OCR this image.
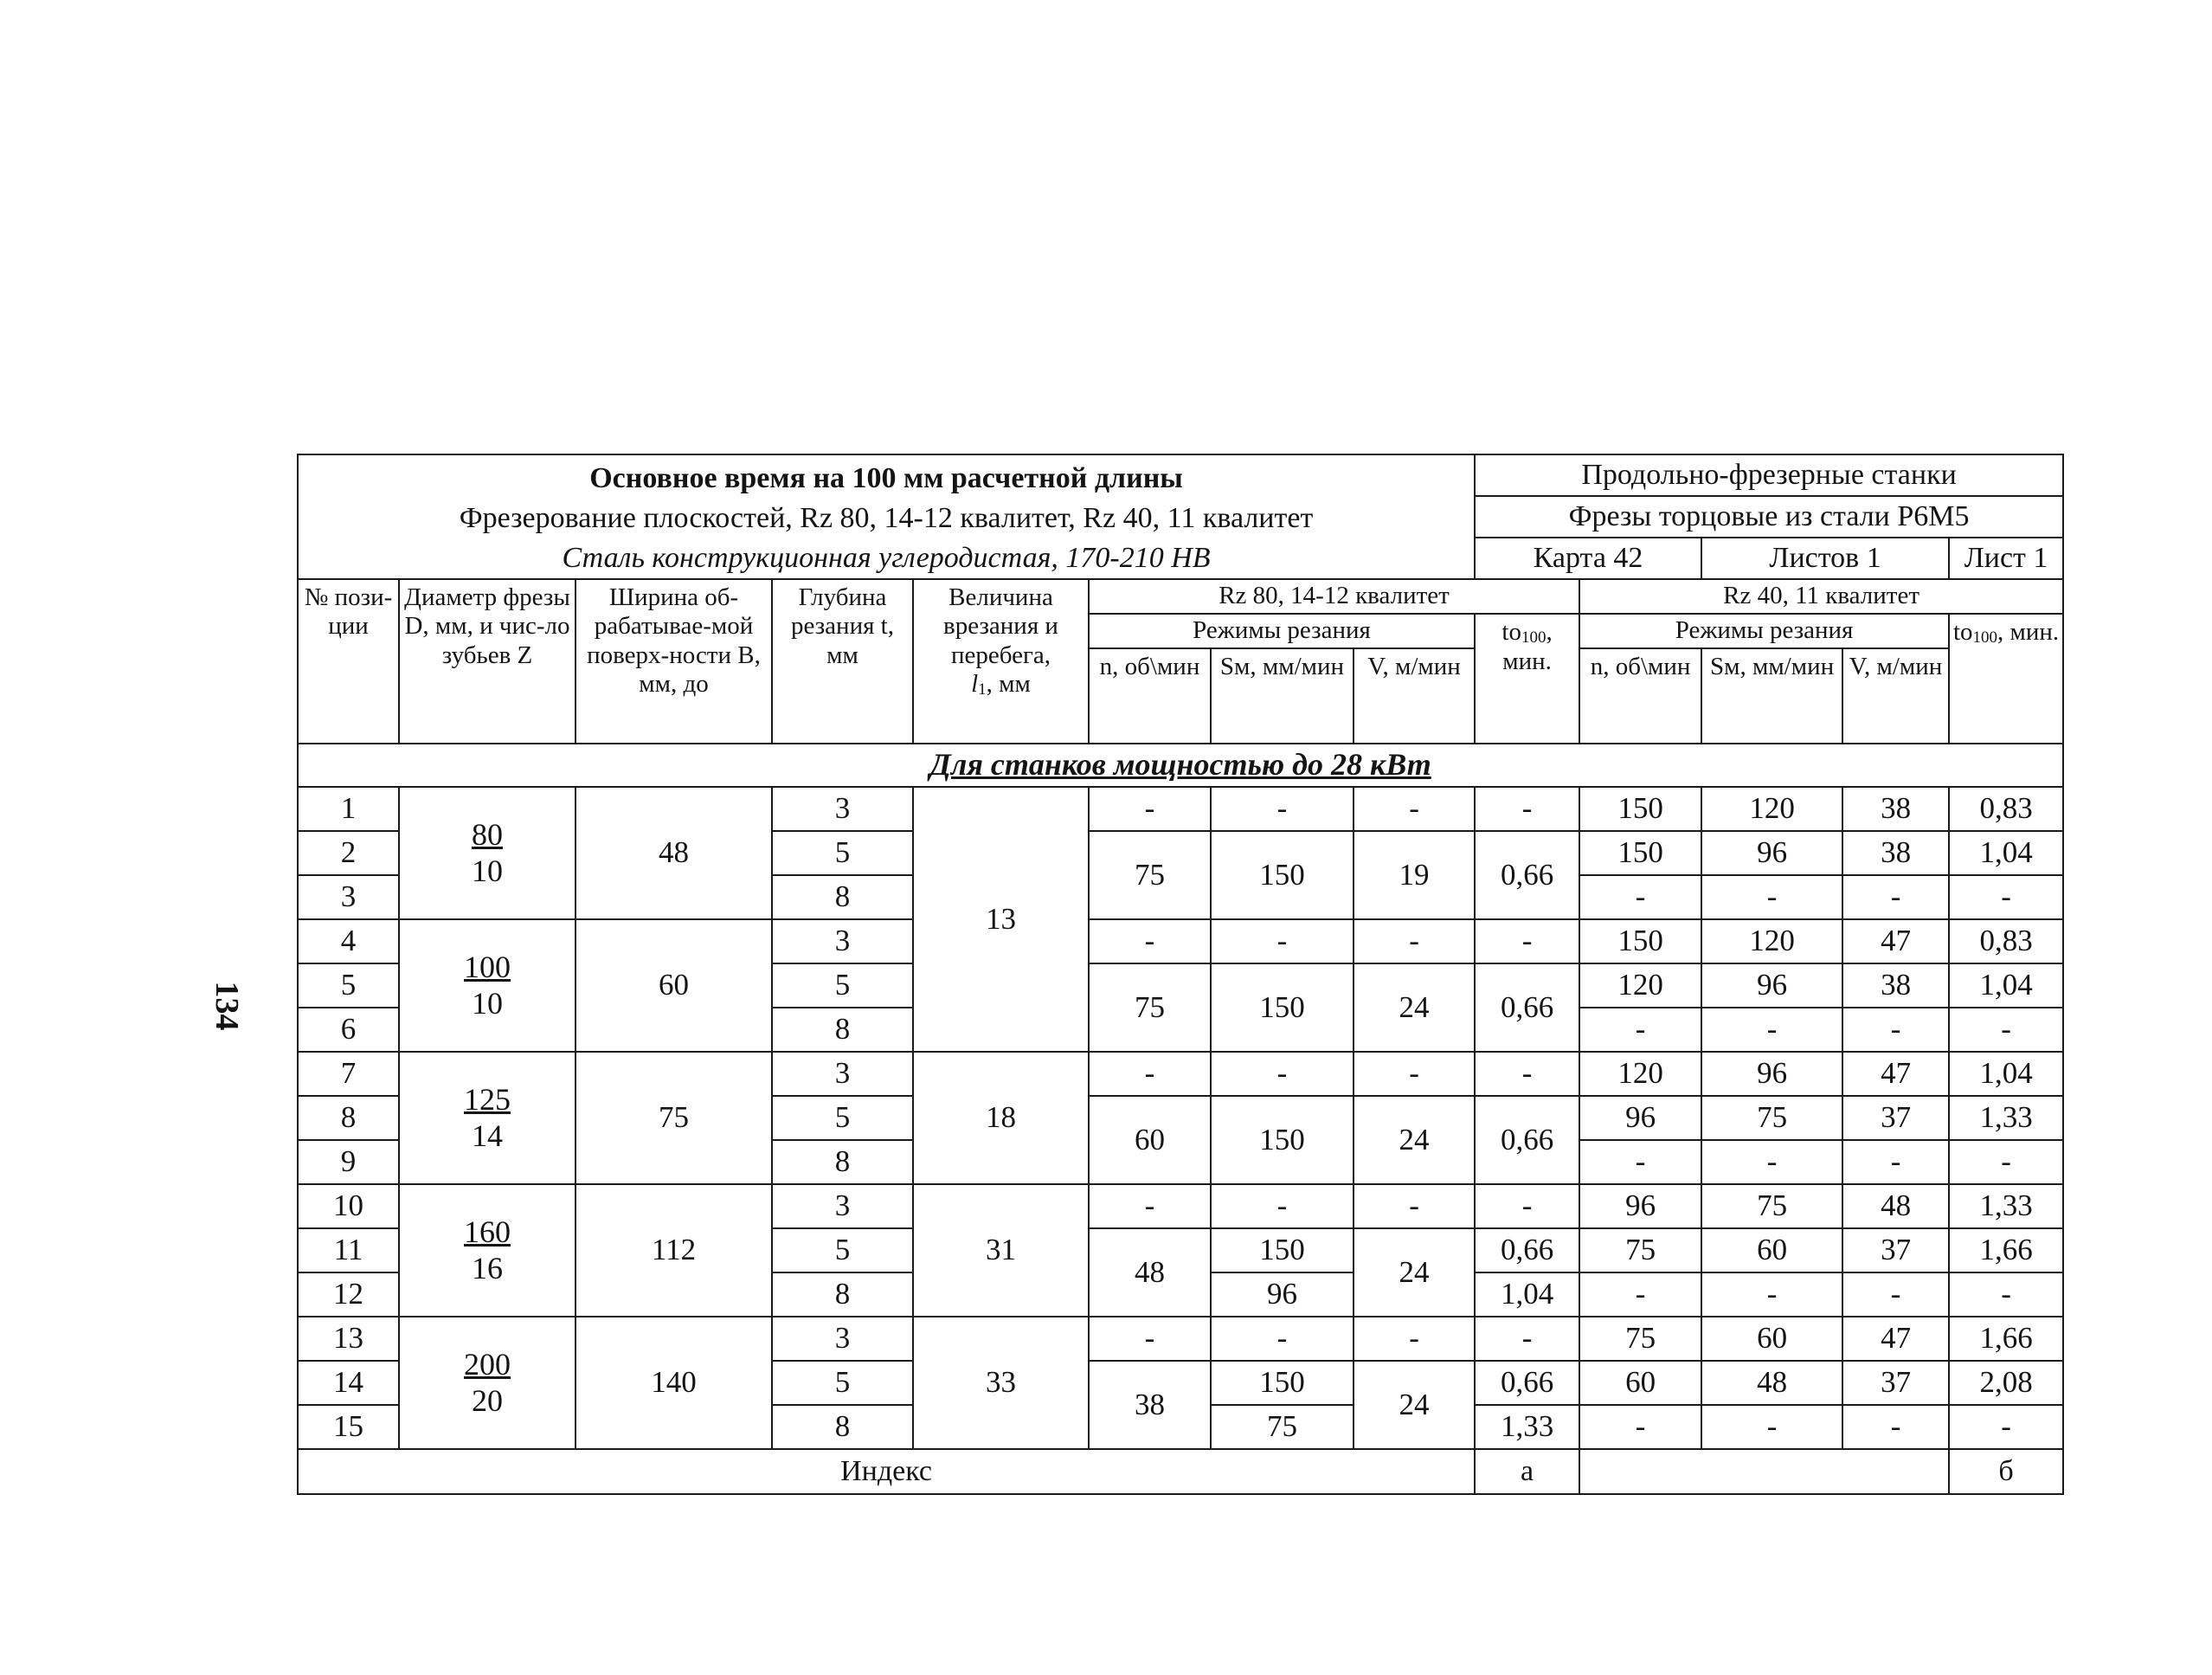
134
Основное время на 100 мм расчетной длины
Фрезерование плоскостей, Rz 80, 14-12 квалитет, Rz 40, 11 квалитет
Сталь конструкционная углеродистая, 170-210 HB								Продольно-фрезерные станки				
								Фрезы торцовые из стали Р6М5				
								Карта 42		Листов 1		Лист 1
№ пози-ции	Диаметр фрезы D, мм, и чис-ло зубьев Z	Ширина об-рабатывае-мой поверх-ности B, мм, до	Глубина резания t, мм	Величина врезания и перебега,
l1, мм	Rz 80, 14-12 квалитет				Rz 40, 11 квалитет			
					Режимы резания			to100, мин.	Режимы резания			to100, мин.
					n, об\мин	Sм, мм/мин	V, м/мин		n, об\мин	Sм, мм/мин	V, м/мин	
Для станков мощностью до 28 кВт												
1	$\frac{80}{10}$	48	3	13	-	-	-	-	150	120	38	0,83
2			5		75	150	19	0,66	150	96	38	1,04
3			8						-	-	-	-
4	$\frac{100}{10}$	60	3		-	-	-	-	150	120	47	0,83
5			5		75	150	24	0,66	120	96	38	1,04
6			8						-	-	-	-
7	$\frac{125}{14}$	75	3	18	-	-	-	-	120	96	47	1,04
8			5		60	150	24	0,66	96	75	37	1,33
9			8						-	-	-	-
10	$\frac{160}{16}$	112	3	31	-	-	-	-	96	75	48	1,33
11			5		48	150	24	0,66	75	60	37	1,66
12			8			96		1,04	-	-	-	-
13	$\frac{200}{20}$	140	3	33	-	-	-	-	75	60	47	1,66
14			5		38	150	24	0,66	60	48	37	2,08
15			8			75		1,33	-	-	-	-
Индекс								а				б
